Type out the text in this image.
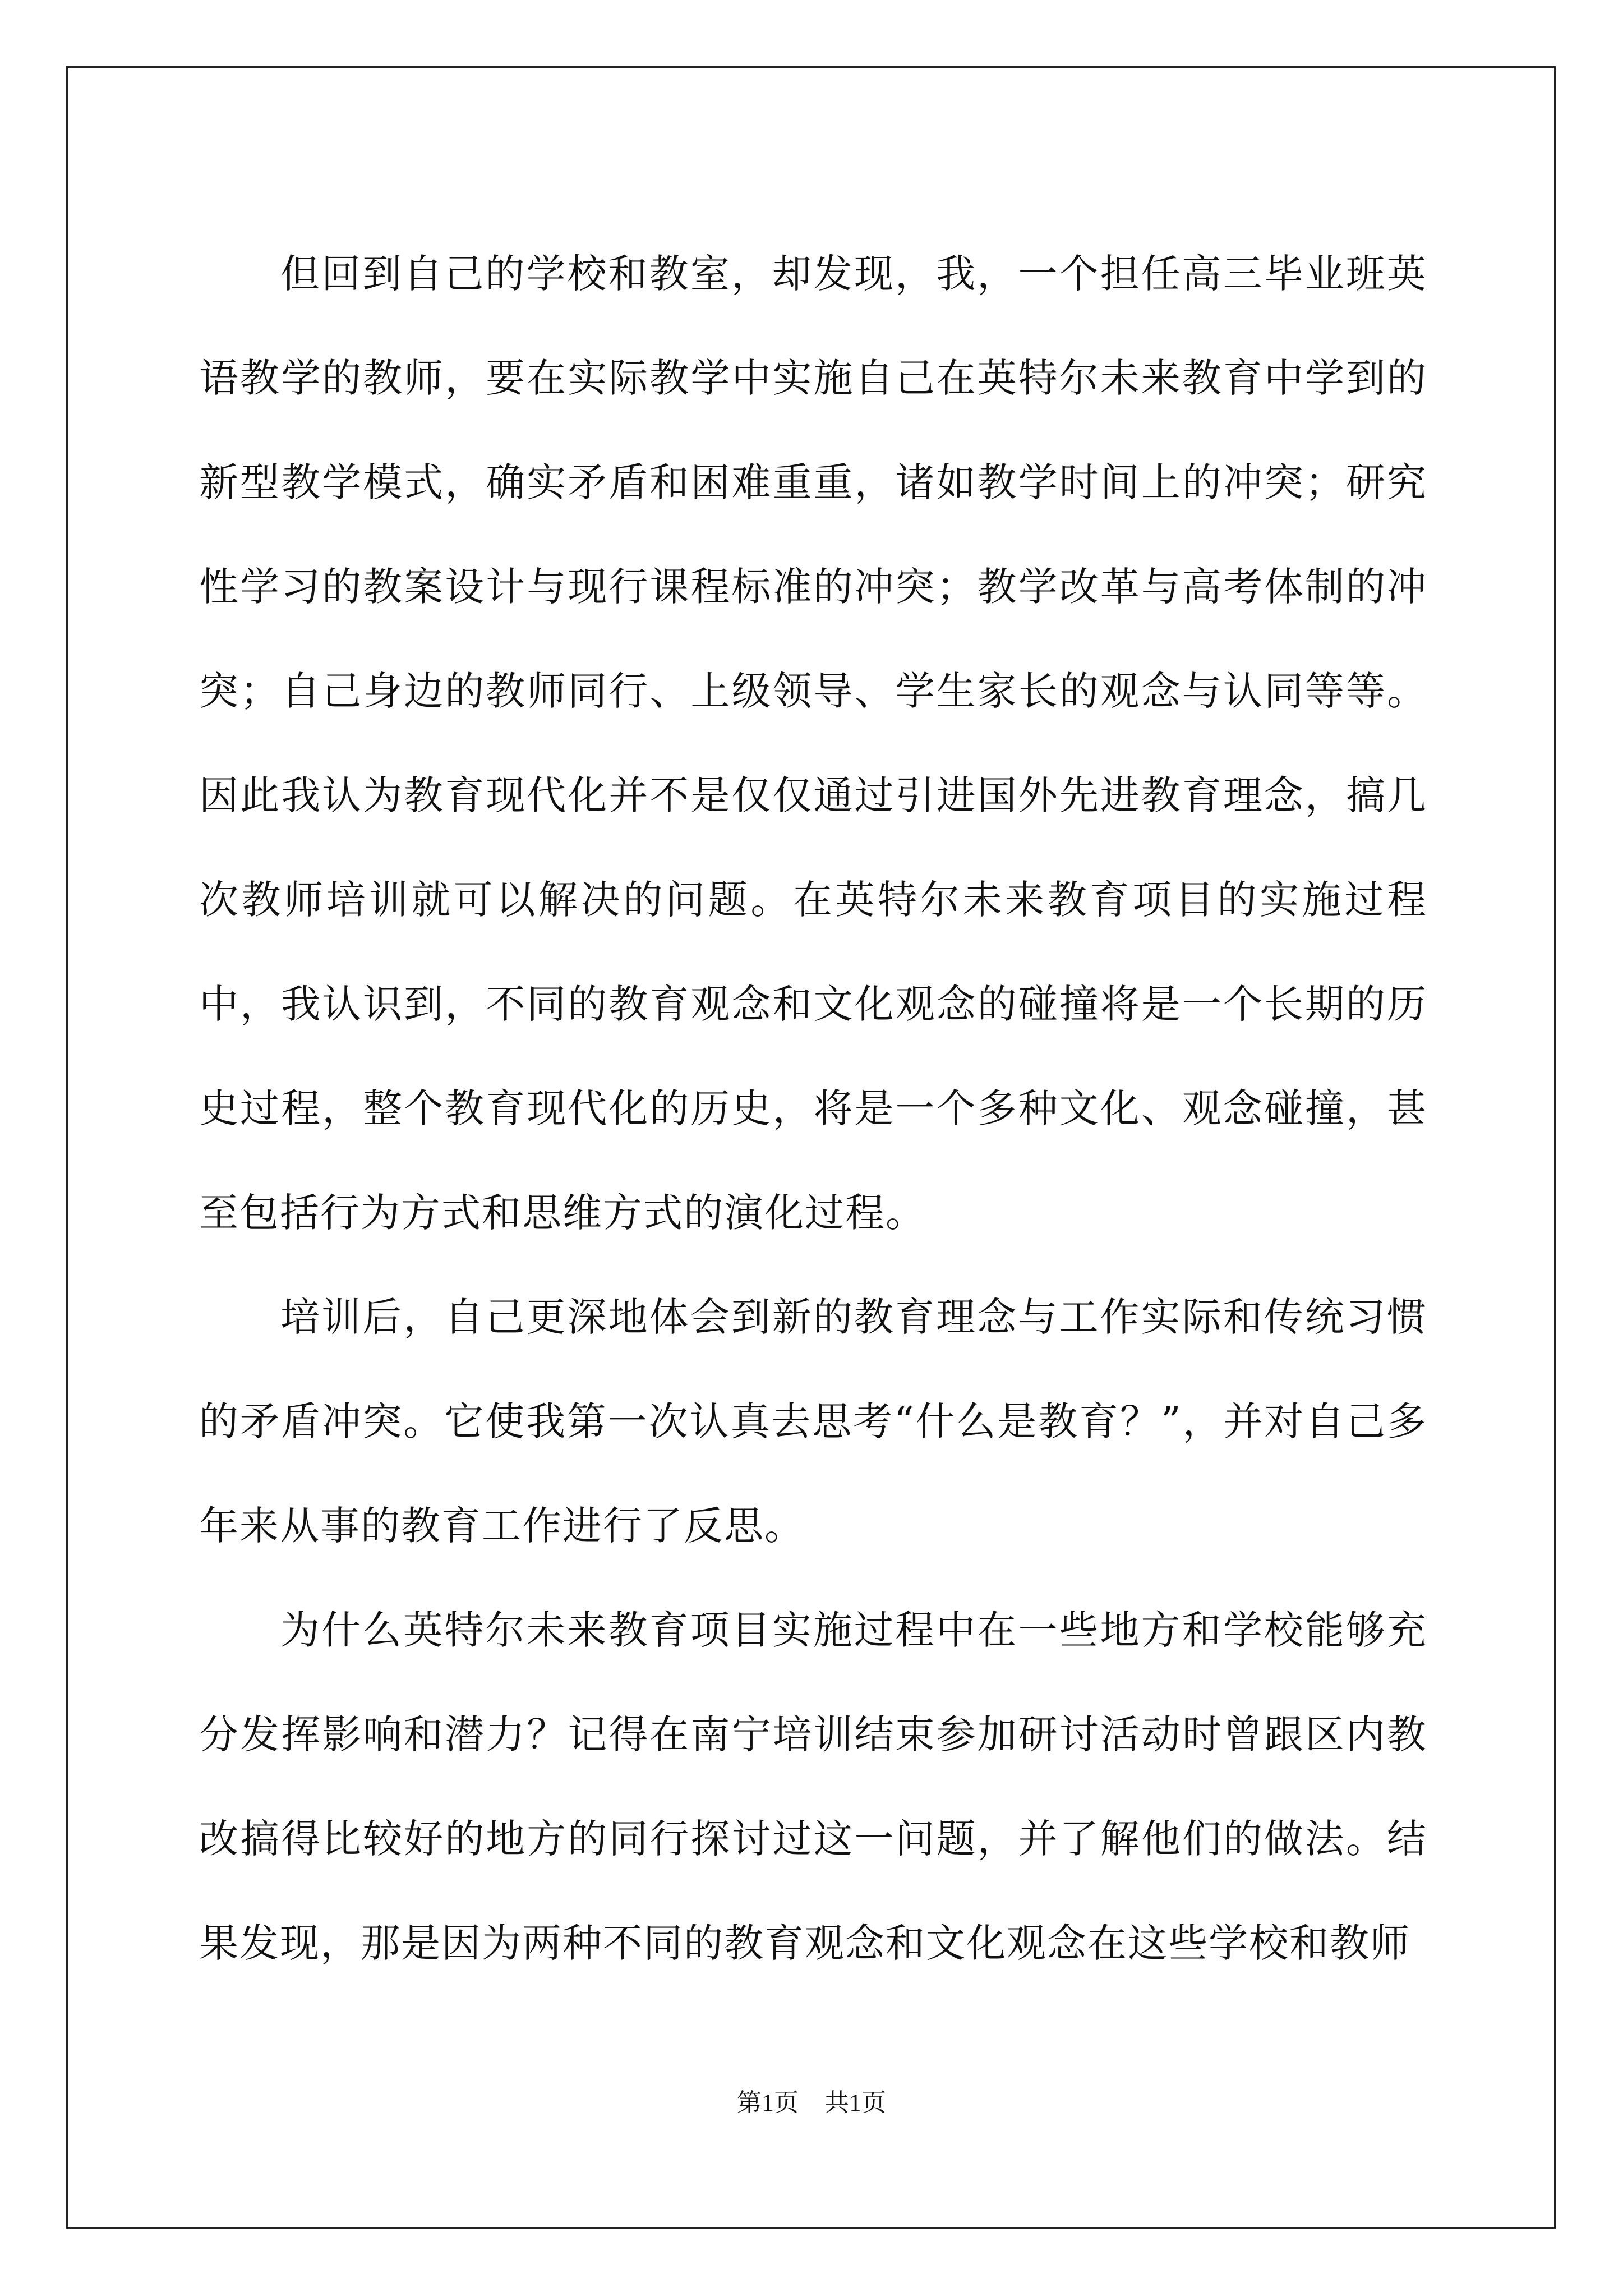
但回到自己的学校和教室，却发现，我，一个担任高三毕业班英语教学的教师，要在实际教学中实施自己在英特尔未来教育中学到的新型教学模式，确实矛盾和困难重重，诸如教学时间上的冲突；研究性学习的教案设计与现行课程标准的冲突；教学改革与高考体制的冲突；自己身边的教师同行、上级领导、学生家长的观念与认同等等。因此我认为教育现代化并不是仅仅通过引进国外先进教育理念，搞几次教师培训就可以解决的问题。在英特尔未来教育项目的实施过程中，我认识到，不同的教育观念和文化观念的碰撞将是一个长期的历史过程，整个教育现代化的历史，将是一个多种文化、观念碰撞，甚至包括行为方式和思维方式的演化过程。

培训后，自己更深地体会到新的教育理念与工作实际和传统习惯的矛盾冲突。它使我第一次认真去思考“什么是教育？”，并对自己多年来从事的教育工作进行了反思。

为什么英特尔未来教育项目实施过程中在一些地方和学校能够充分发挥影响和潜力？记得在南宁培训结束参加研讨活动时曾跟区内教改搞得比较好的地方的同行探讨过这一问题，并了解他们的做法。结果发现，那是因为两种不同的教育观念和文化观念在这些学校和教师

第1页 共1页
